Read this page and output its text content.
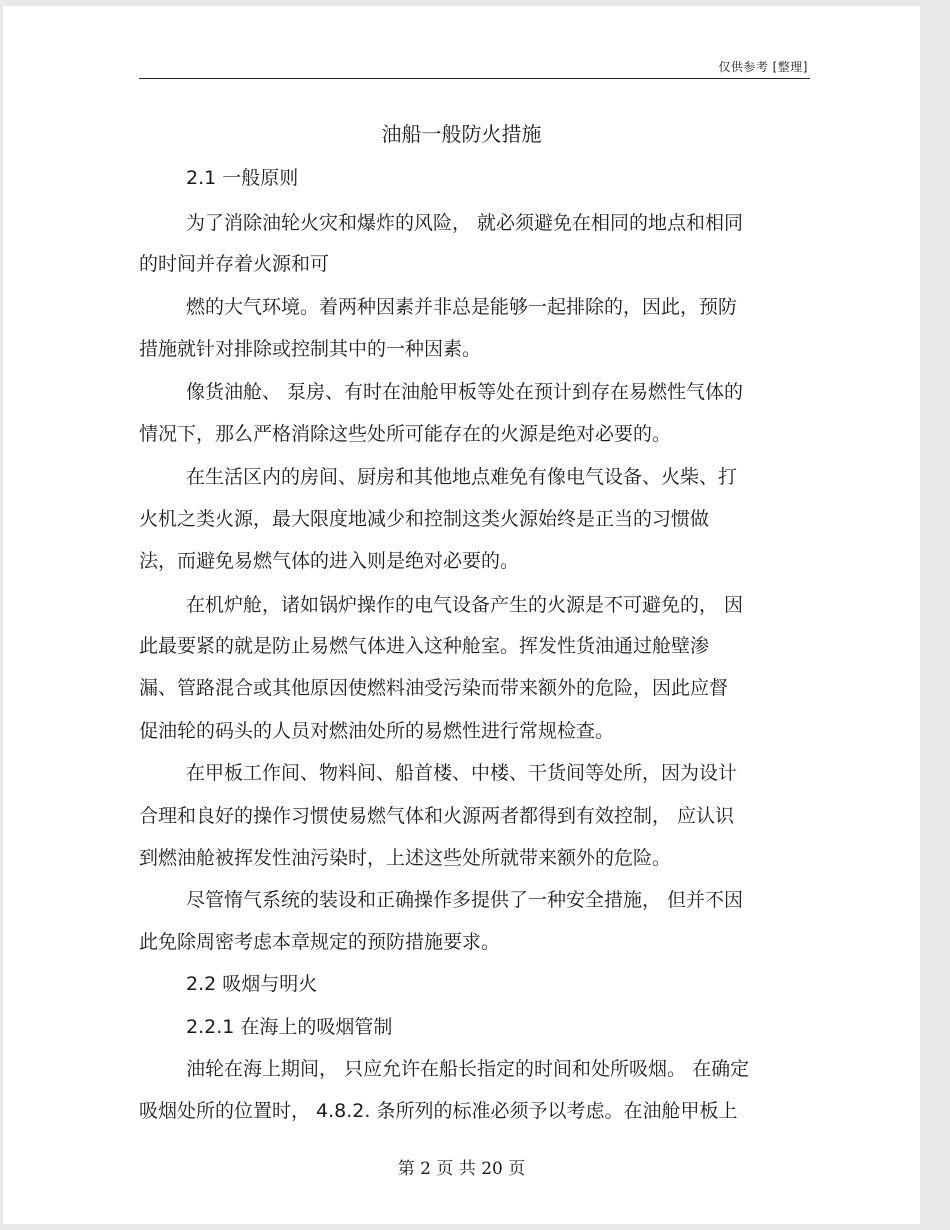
仅供参考 [整理]
油船一般防火措施
2.1 一般原则
为了消除油轮火灾和爆炸的风险， 就必须避免在相同的地点和相同
的时间并存着火源和可
燃的大气环境。着两种因素并非总是能够一起排除的，因此，预防
措施就针对排除或控制其中的一种因素。
像货油舱、 泵房、有时在油舱甲板等处在预计到存在易燃性气体的
情况下，那么严格消除这些处所可能存在的火源是绝对必要的。
在生活区内的房间、厨房和其他地点难免有像电气设备、火柴、打
火机之类火源，最大限度地减少和控制这类火源始终是正当的习惯做
法，而避免易燃气体的进入则是绝对必要的。
在机炉舱，诸如锅炉操作的电气设备产生的火源是不可避免的， 因
此最要紧的就是防止易燃气体进入这种舱室。挥发性货油通过舱壁渗
漏、管路混合或其他原因使燃料油受污染而带来额外的危险，因此应督
促油轮的码头的人员对燃油处所的易燃性进行常规检查。
在甲板工作间、物料间、船首楼、中楼、干货间等处所，因为设计
合理和良好的操作习惯使易燃气体和火源两者都得到有效控制， 应认识
到燃油舱被挥发性油污染时，上述这些处所就带来额外的危险。
尽管惰气系统的装设和正确操作多提供了一种安全措施， 但并不因
此免除周密考虑本章规定的预防措施要求。
2.2 吸烟与明火
2.2.1 在海上的吸烟管制
油轮在海上期间， 只应允许在船长指定的时间和处所吸烟。 在确定
吸烟处所的位置时， 4.8.2. 条所列的标准必须予以考虑。在油舱甲板上
第 2 页 共 20 页
